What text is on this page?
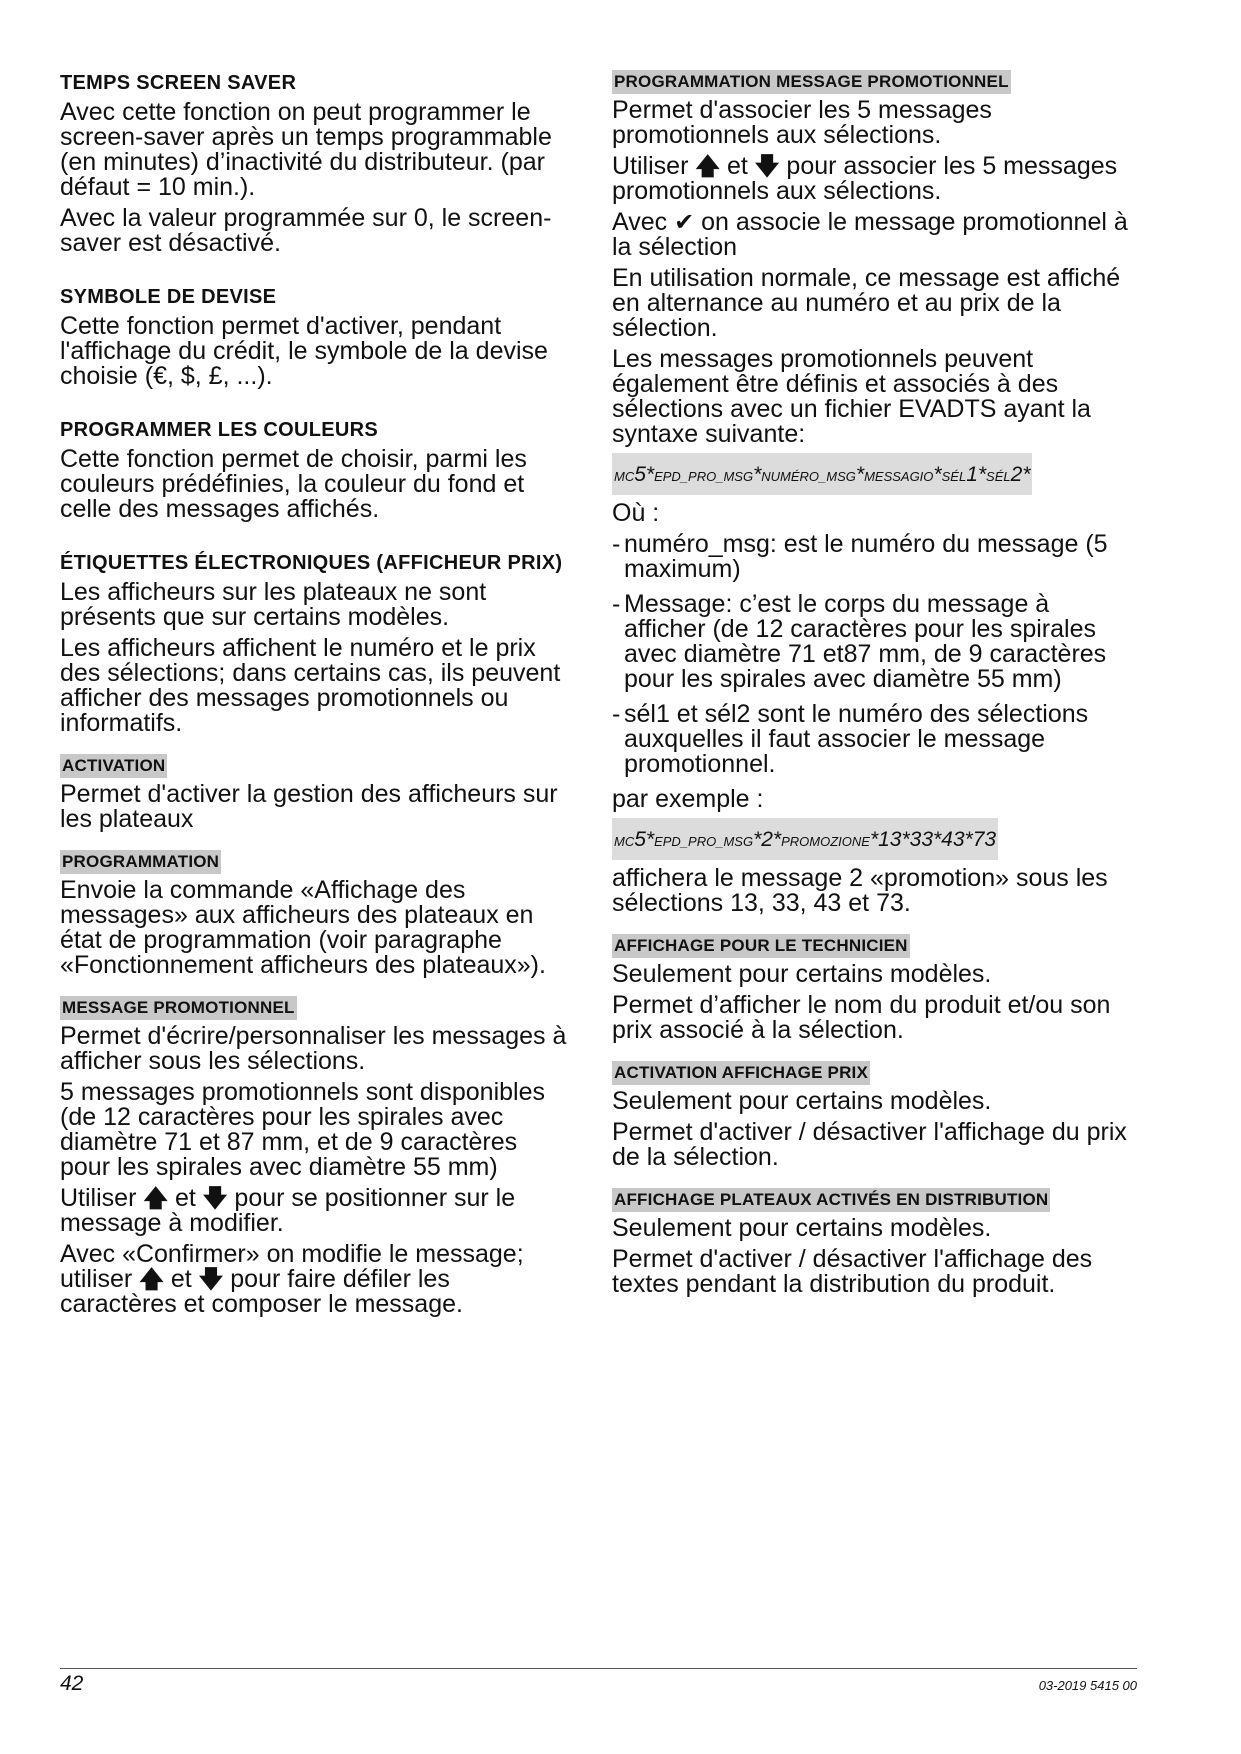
TEMPS SCREEN SAVER

Avec cette fonction on peut programmer le screen-saver après un temps programmable (en minutes) d’inactivité du distributeur. (par défaut = 10 min.).

Avec la valeur programmée sur 0, le screen-saver est désactivé.

SYMBOLE DE DEVISE

Cette fonction permet d'activer, pendant l'affichage du crédit, le symbole de la devise choisie (€, $, £, ...).

PROGRAMMER LES COULEURS

Cette fonction permet de choisir, parmi les couleurs prédéfinies, la couleur du fond et celle des messages affichés.

ÉTIQUETTES ÉLECTRONIQUES (AFFICHEUR PRIX)

Les afficheurs sur les plateaux ne sont présents que sur certains modèles.

Les afficheurs affichent le numéro et le prix des sélections; dans certains cas, ils peuvent afficher des messages promotionnels ou informatifs.

ACTIVATION

Permet d'activer la gestion des afficheurs sur les plateaux

PROGRAMMATION

Envoie la commande «Affichage des messages» aux afficheurs des plateaux en état de programmation (voir paragraphe «Fonctionnement afficheurs des plateaux»).

MESSAGE PROMOTIONNEL

Permet d'écrire/personnaliser les messages à afficher sous les sélections.

5 messages promotionnels sont disponibles (de 12 caractères pour les spirales avec diamètre 71 et 87 mm, et de 9 caractères pour les spirales avec diamètre 55 mm)

Utiliser 🡅 et 🡇 pour se positionner sur le message à modifier.

Avec «Confirmer» on modifie le message; utiliser 🡅 et 🡇 pour faire défiler les caractères et composer le message.

PROGRAMMATION MESSAGE PROMOTIONNEL

Permet d'associer les 5 messages promotionnels aux sélections.

Utiliser 🡅 et 🡇 pour associer les 5 messages promotionnels aux sélections.

Avec ✔ on associe le message promotionnel à la sélection

En utilisation normale, ce message est affiché en alternance au numéro et au prix de la sélection.

Les messages promotionnels peuvent également être définis et associés à des sélections avec un fichier EVADTS ayant la syntaxe suivante:

MC5*EPD_PRO_MSG*NUMÉRO_MSG*MESSAGIO*SÉL1*SÉL2*

Où :

- numéro_msg: est le numéro du message (5 maximum)
- Message: c’est le corps du message à afficher (de 12 caractères pour les spirales avec diamètre 71 et87 mm, de 9 caractères pour les spirales avec diamètre 55 mm)
- sél1 et sél2 sont le numéro des sélections auxquelles il faut associer le message promotionnel.

par exemple :

MC5*EPD_PRO_MSG*2*PROMOZIONE*13*33*43*73

affichera le message 2 «promotion» sous les sélections 13, 33, 43 et 73.

AFFICHAGE POUR LE TECHNICIEN

Seulement pour certains modèles.

Permet d’afficher le nom du produit et/ou son prix associé à la sélection.

ACTIVATION AFFICHAGE PRIX

Seulement pour certains modèles.

Permet d'activer / désactiver l'affichage du prix de la sélection.

AFFICHAGE PLATEAUX ACTIVÉS EN DISTRIBUTION

Seulement pour certains modèles.

Permet d'activer / désactiver l'affichage des textes pendant la distribution du produit.

42	03-2019 5415 00
